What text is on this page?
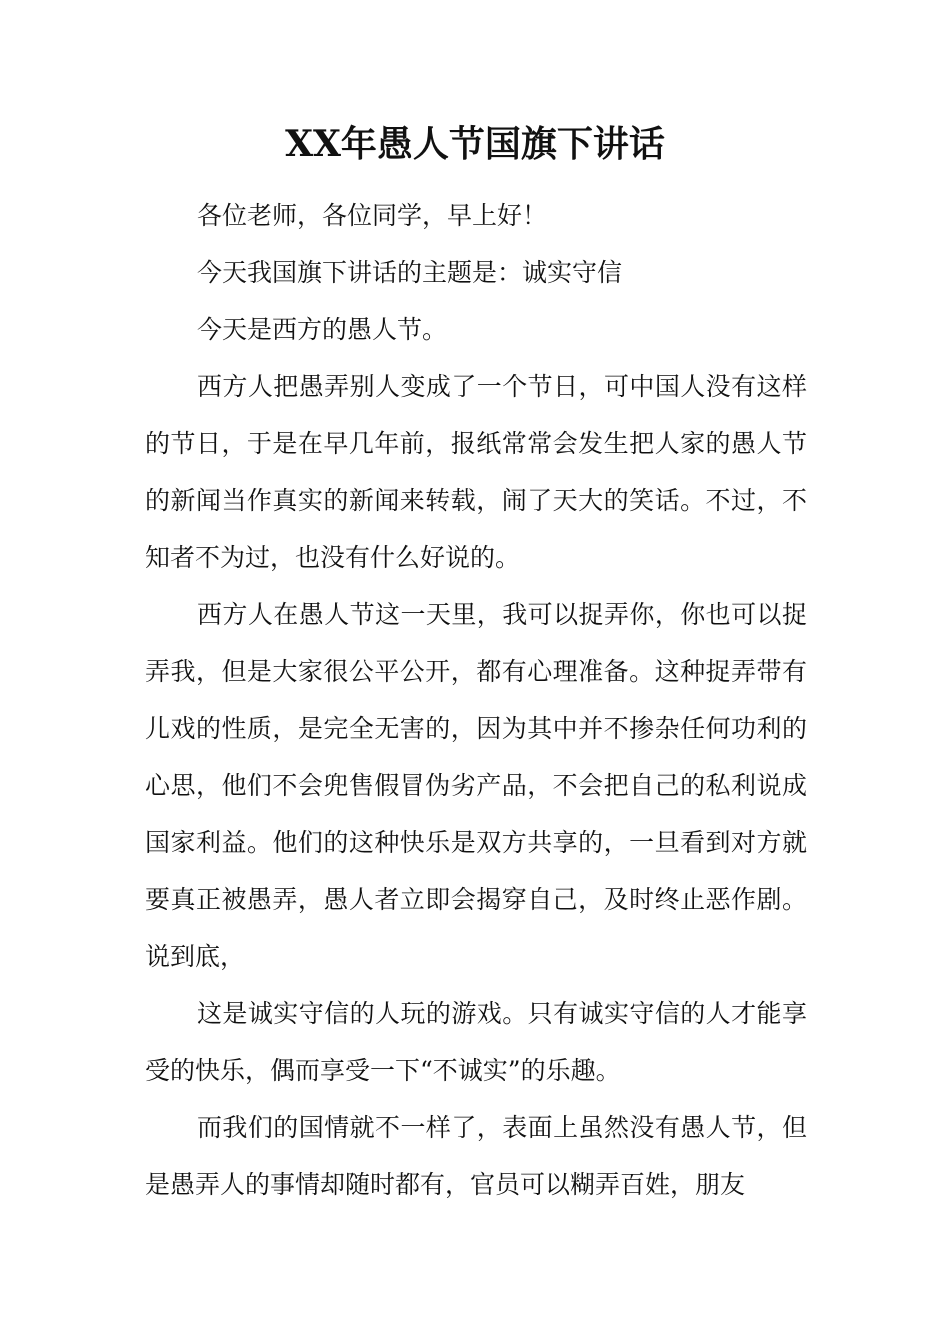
XX年愚人节国旗下讲话

各位老师，各位同学，早上好！

今天我国旗下讲话的主题是：诚实守信

今天是西方的愚人节。

西方人把愚弄别人变成了一个节日，可中国人没有这样的节日，于是在早几年前，报纸常常会发生把人家的愚人节的新闻当作真实的新闻来转载，闹了天大的笑话。不过，不知者不为过，也没有什么好说的。

西方人在愚人节这一天里，我可以捉弄你，你也可以捉弄我，但是大家很公平公开，都有心理准备。这种捉弄带有儿戏的性质，是完全无害的，因为其中并不掺杂任何功利的心思，他们不会兜售假冒伪劣产品，不会把自己的私利说成国家利益。他们的这种快乐是双方共享的，一旦看到对方就要真正被愚弄，愚人者立即会揭穿自己，及时终止恶作剧。说到底，

这是诚实守信的人玩的游戏。只有诚实守信的人才能享受的快乐，偶而享受一下“不诚实”的乐趣。

而我们的国情就不一样了，表面上虽然没有愚人节，但是愚弄人的事情却随时都有，官员可以糊弄百姓，朋友
